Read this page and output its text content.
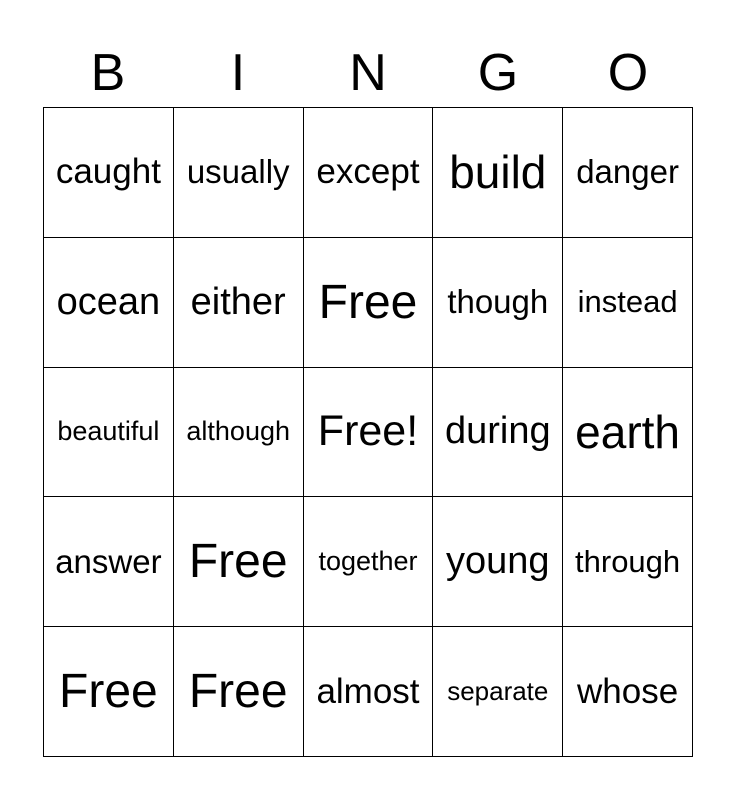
B	I	N	G	O
caught usually except build danger
ocean either Free though instead
beautiful although Free! during earth
answer Free	together young through
Free Free almost	separate whose
